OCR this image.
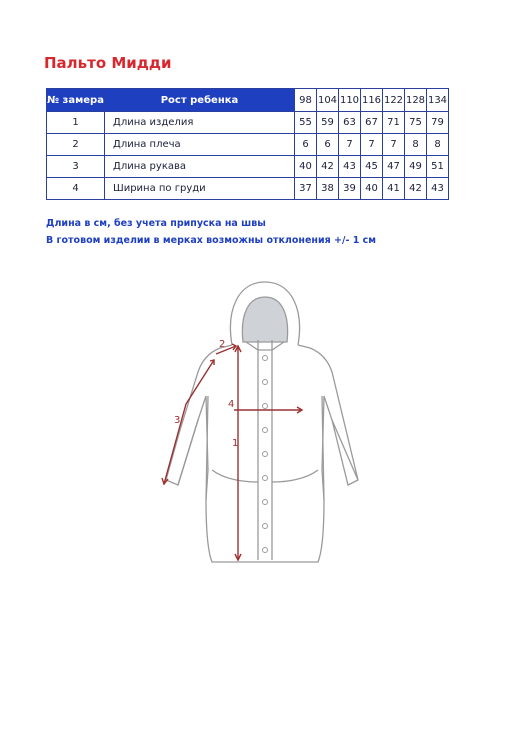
Пальто Мидди
№ замера	Рост ребенка	98	104	110	116	122	128	134
1	Длина изделия	55	59	63	67	71	75	79
2	Длина плеча	6	6	7	7	7	8	8
3	Длина рукава	40	42	43	45	47	49	51
4	Ширина по груди	37	38	39	40	41	42	43

Длина в см, без учета припуска на швы

В готовом изделии в мерках возможны отклонения +/- 1 см

1
2
3
4
